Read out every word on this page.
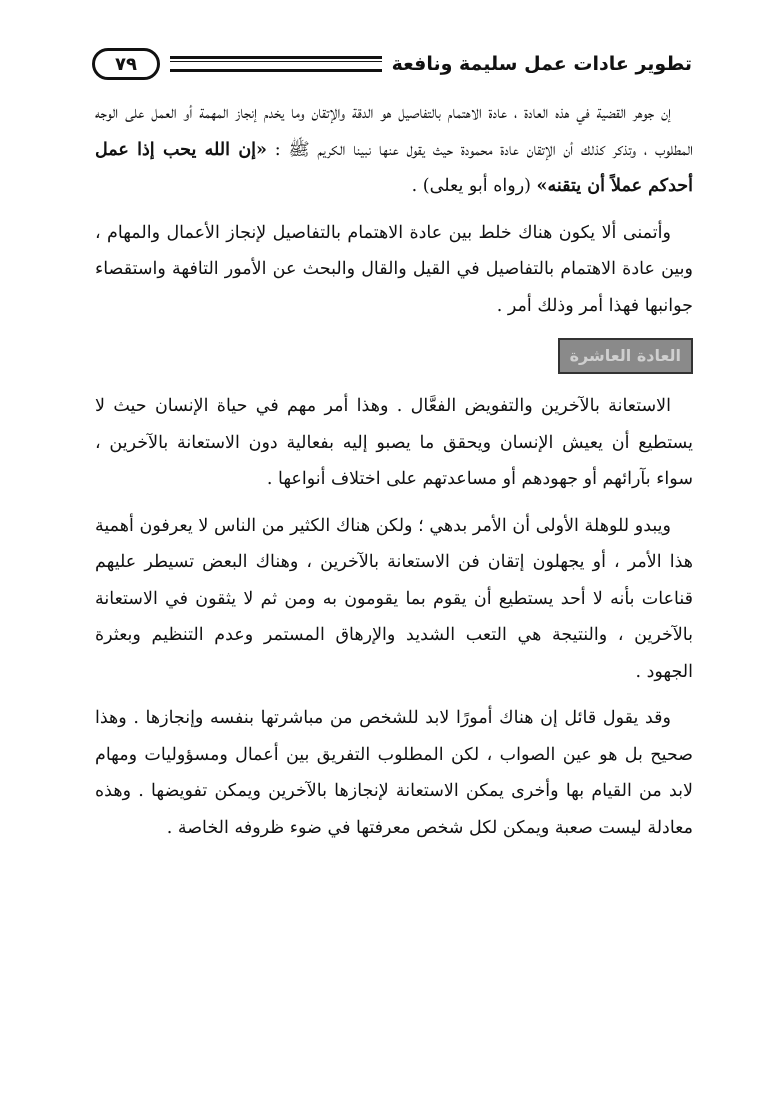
تطوير عادات عمل سليمة ونافعة
٧٩

إن جوهر القضية في هذه العادة ، عادة الاهتمام بالتفاصيل هو الدقة والإتقان وما يخدم إنجاز المهمة أو العمل على الوجه المطلوب ، وتذكر كذلك أن الإتقان عادة محمودة حيث يقول عنها نبينا الكريم ﷺ : «إن الله يحب إذا عمل أحدكم عملاً أن يتقنه» (رواه أبو يعلى) .

وأتمنى ألا يكون هناك خلط بين عادة الاهتمام بالتفاصيل لإنجاز الأعمال والمهام ، وبين عادة الاهتمام بالتفاصيل في القيل والقال والبحث عن الأمور التافهة واستقصاء جوانبها فهذا أمر وذلك أمر .

العادة العاشرة

الاستعانة بالآخرين والتفويض الفعَّال . وهذا أمر مهم في حياة الإنسان حيث لا يستطيع أن يعيش الإنسان ويحقق ما يصبو إليه بفعالية دون الاستعانة بالآخرين ، سواء بآرائهم أو جهودهم أو مساعدتهم على اختلاف أنواعها .

ويبدو للوهلة الأولى أن الأمر بدهي ؛ ولكن هناك الكثير من الناس لا يعرفون أهمية هذا الأمر ، أو يجهلون إتقان فن الاستعانة بالآخرين ، وهناك البعض تسيطر عليهم قناعات بأنه لا أحد يستطيع أن يقوم بما يقومون به ومن ثم لا يثقون في الاستعانة بالآخرين ، والنتيجة هي التعب الشديد والإرهاق المستمر وعدم التنظيم وبعثرة الجهود .

وقد يقول قائل إن هناك أمورًا لابد للشخص من مباشرتها بنفسه وإنجازها . وهذا صحيح بل هو عين الصواب ، لكن المطلوب التفريق بين أعمال ومسؤوليات ومهام لابد من القيام بها وأخرى يمكن الاستعانة لإنجازها بالآخرين ويمكن تفويضها . وهذه معادلة ليست صعبة ويمكن لكل شخص معرفتها في ضوء ظروفه الخاصة .
